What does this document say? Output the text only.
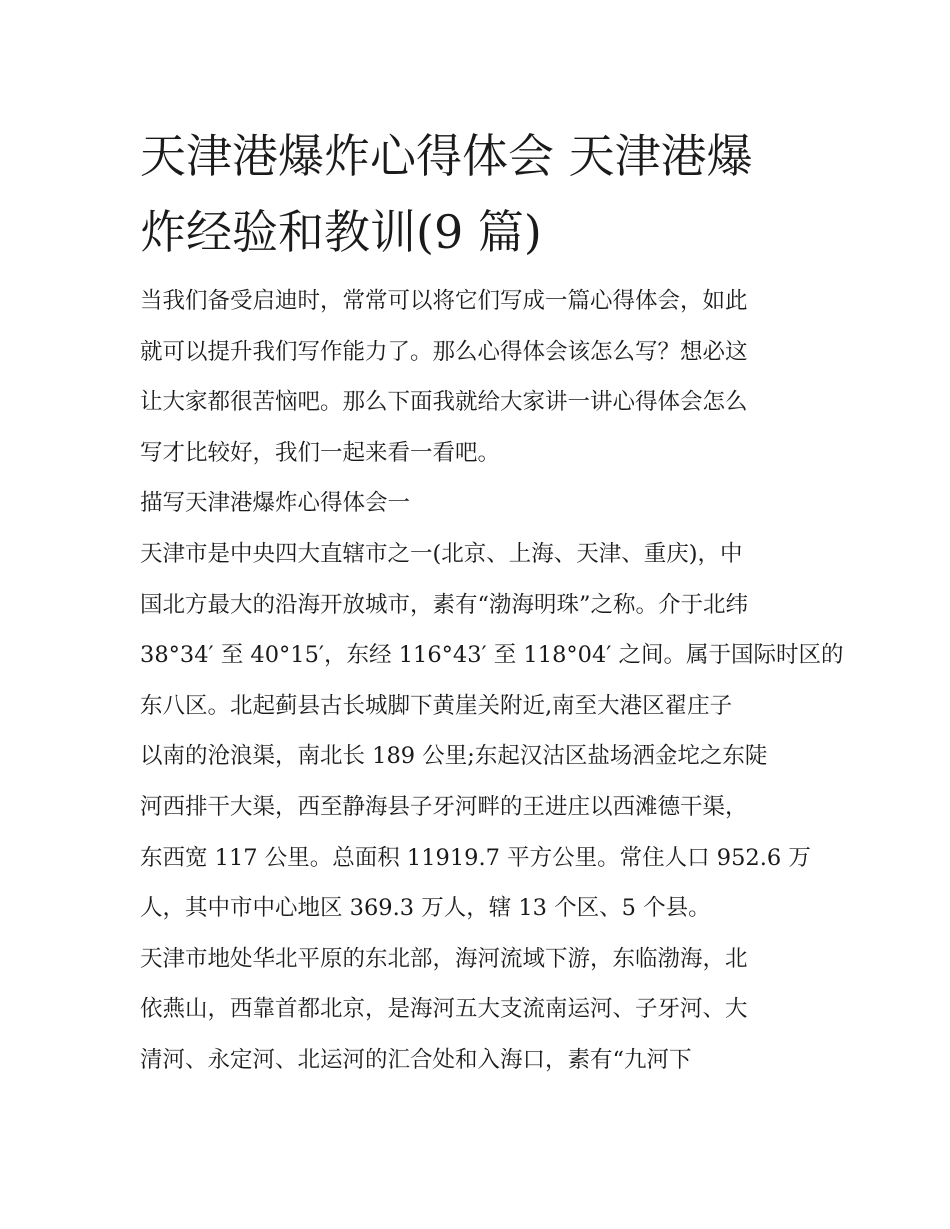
天津港爆炸心得体会 天津港爆
炸经验和教训(9 篇)
当我们备受启迪时，常常可以将它们写成一篇心得体会，如此
就可以提升我们写作能力了。那么心得体会该怎么写？想必这
让大家都很苦恼吧。那么下面我就给大家讲一讲心得体会怎么
写才比较好，我们一起来看一看吧。
描写天津港爆炸心得体会一
天津市是中央四大直辖市之一(北京、上海、天津、重庆)，中
国北方最大的沿海开放城市，素有“渤海明珠”之称。介于北纬
38°34′ 至 40°15′，东经 116°43′ 至 118°04′ 之间。属于国际时区的
东八区。北起蓟县古长城脚下黄崖关附近,南至大港区翟庄子
以南的沧浪渠，南北长 189 公里;东起汉沽区盐场洒金坨之东陡
河西排干大渠，西至静海县子牙河畔的王进庄以西滩德干渠，
东西宽 117 公里。总面积 11919.7 平方公里。常住人口 952.6 万
人，其中市中心地区 369.3 万人，辖 13 个区、5 个县。
天津市地处华北平原的东北部，海河流域下游，东临渤海，北
依燕山，西靠首都北京，是海河五大支流南运河、子牙河、大
清河、永定河、北运河的汇合处和入海口，素有“九河下
